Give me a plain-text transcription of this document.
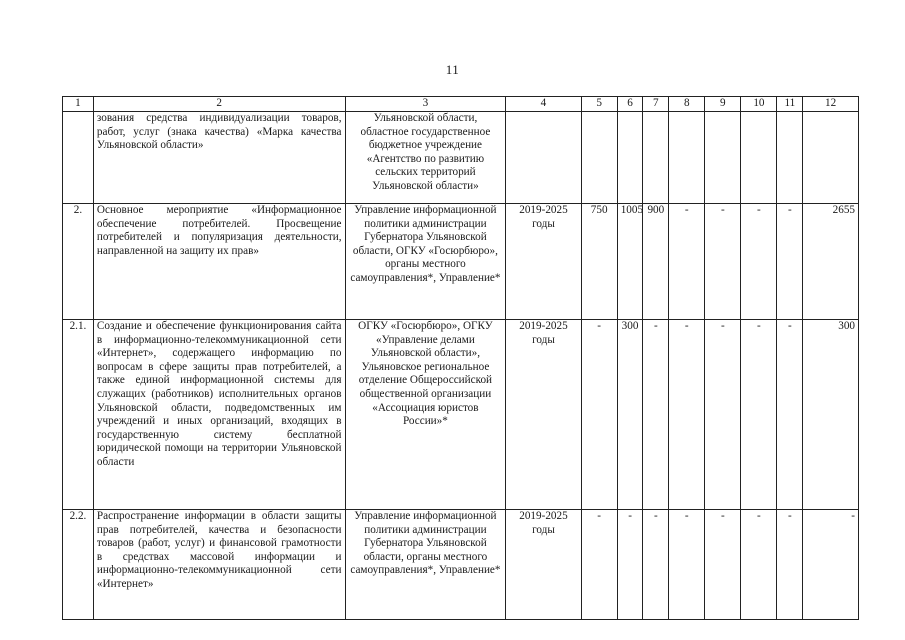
11
1	2	3	4	5	6	7	8	9	10	11	12
	зования средства индивидуализации товаров, работ, услуг (знака качества) «Марка качества Ульяновской области»	Ульяновской области, областное государственное бюджетное учреждение «Агентство по развитию сельских территорий Ульяновской области»									
2.	Основное мероприятие «Информационное обеспечение потребителей. Просвещение потребителей и популяризация деятельности, направленной на защиту их прав»	Управление информационной политики администрации Губернатора Ульяновской области, ОГКУ «Госюрбюро», органы местного самоуправления*, Управление*	2019-2025 годы	750	1005	900	-	-	-	-	2655
2.1.	Создание и обеспечение функционирования сайта в информационно-телекоммуникационной сети «Интернет», содержащего информацию по вопросам в сфере защиты прав потребителей, а также единой информационной системы для служащих (работников) исполнительных органов Ульяновской области, подведомственных им учреждений и иных организаций, входящих в государственную систему бесплатной юридической помощи на территории Ульяновской области	ОГКУ «Госюрбюро», ОГКУ «Управление делами Ульяновской области», Ульяновское региональное отделение Общероссийской общественной организации «Ассоциация юристов России»*	2019-2025 годы	-	300	-	-	-	-	-	300
2.2.	Распространение информации в области защиты прав потребителей, качества и безопасности товаров (работ, услуг) и финансовой грамотности в средствах массовой информации и информационно-телекоммуникационной сети «Интернет»	Управление информационной политики администрации Губернатора Ульяновской области, органы местного самоуправления*, Управление*	2019-2025 годы	-	-	-	-	-	-	-	-
